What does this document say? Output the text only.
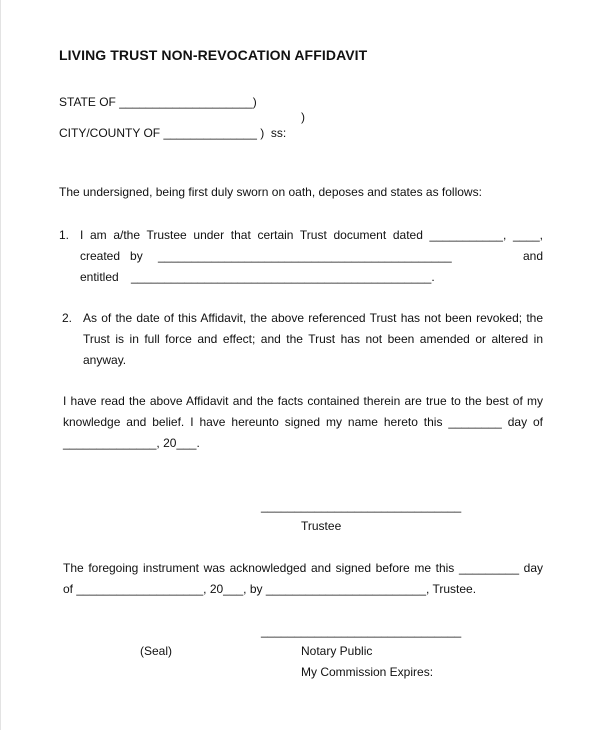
LIVING TRUST NON-REVOCATION AFFIDAVIT
STATE OF ____________________)
)
CITY/COUNTY OF ______________ )  ss:
The undersigned, being first duly sworn on oath, deposes and states as follows:
1. I am a/the Trustee under that certain Trust document dated ___________, ____,
created   by ____________________________________________	and
entitled _____________________________________________.
2. As of the date of this Affidavit, the above referenced Trust has not been revoked; the
Trust is in full force and effect; and the Trust has not been amended or altered in
anyway.
I have read the above Affidavit and the facts contained therein are true to the best of my
knowledge and belief. I have hereunto signed my name hereto this ________ day of
______________, 20___.
______________________________
Trustee
The foregoing instrument was acknowledged and signed before me this _________ day
of ___________________, 20___, by ________________________, Trustee.
______________________________
(Seal)	Notary Public
My Commission Expires:
